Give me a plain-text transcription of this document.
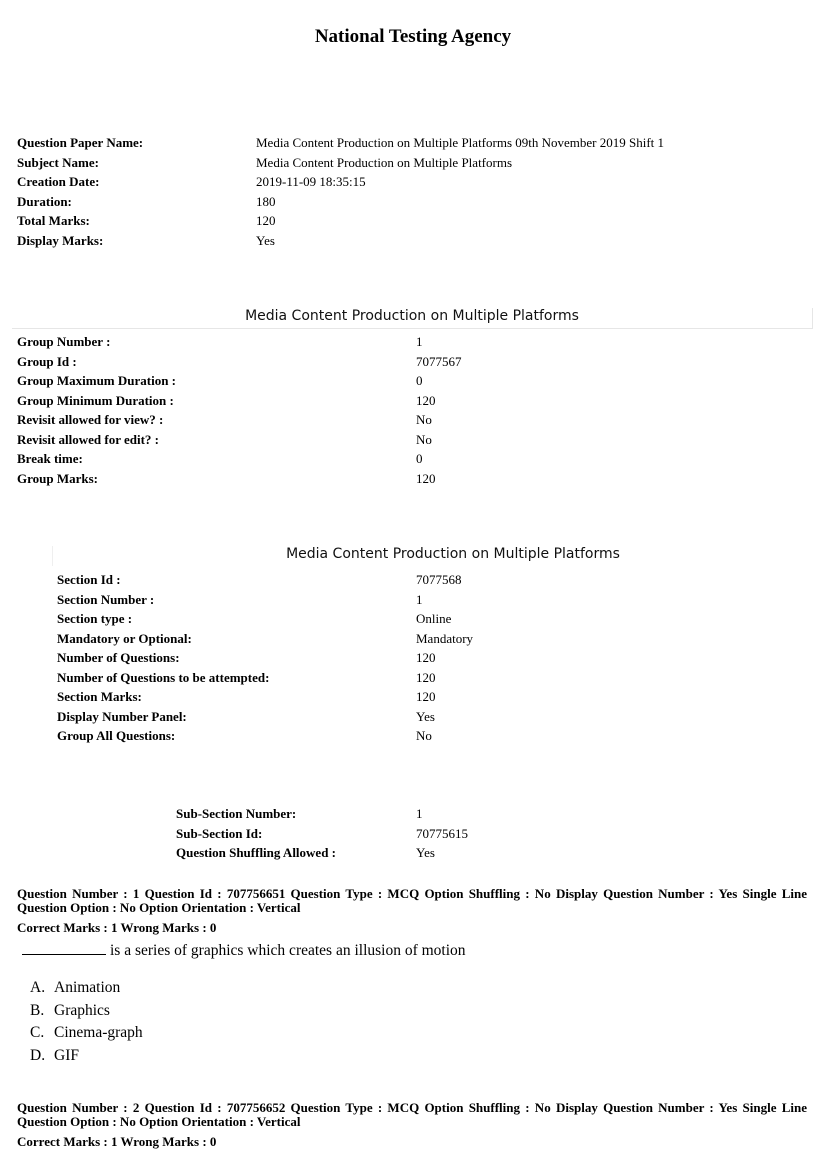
National Testing Agency
Question Paper Name:	Media Content Production on Multiple Platforms 09th November 2019 Shift 1
Subject Name:	Media Content Production on Multiple Platforms
Creation Date:	2019-11-09 18:35:15
Duration:	180
Total Marks:	120
Display Marks:	Yes
Media Content Production on Multiple Platforms
Group Number :	1
Group Id :	7077567
Group Maximum Duration :	0
Group Minimum Duration :	120
Revisit allowed for view? :	No
Revisit allowed for edit? :	No
Break time:	0
Group Marks:	120
Media Content Production on Multiple Platforms
Section Id :	7077568
Section Number :	1
Section type :	Online
Mandatory or Optional:	Mandatory
Number of Questions:	120
Number of Questions to be attempted:	120
Section Marks:	120
Display Number Panel:	Yes
Group All Questions:	No
Sub-Section Number:	1
Sub-Section Id:	70775615
Question Shuffling Allowed :	Yes
Question Number : 1 Question Id : 707756651 Question Type : MCQ Option Shuffling : No Display Question Number : Yes Single Line Question Option : No Option Orientation : Vertical
Correct Marks : 1 Wrong Marks : 0
is a series of graphics which creates an illusion of motion
A. Animation
B. Graphics
C. Cinema-graph
D. GIF
Question Number : 2 Question Id : 707756652 Question Type : MCQ Option Shuffling : No Display Question Number : Yes Single Line Question Option : No Option Orientation : Vertical
Correct Marks : 1 Wrong Marks : 0
